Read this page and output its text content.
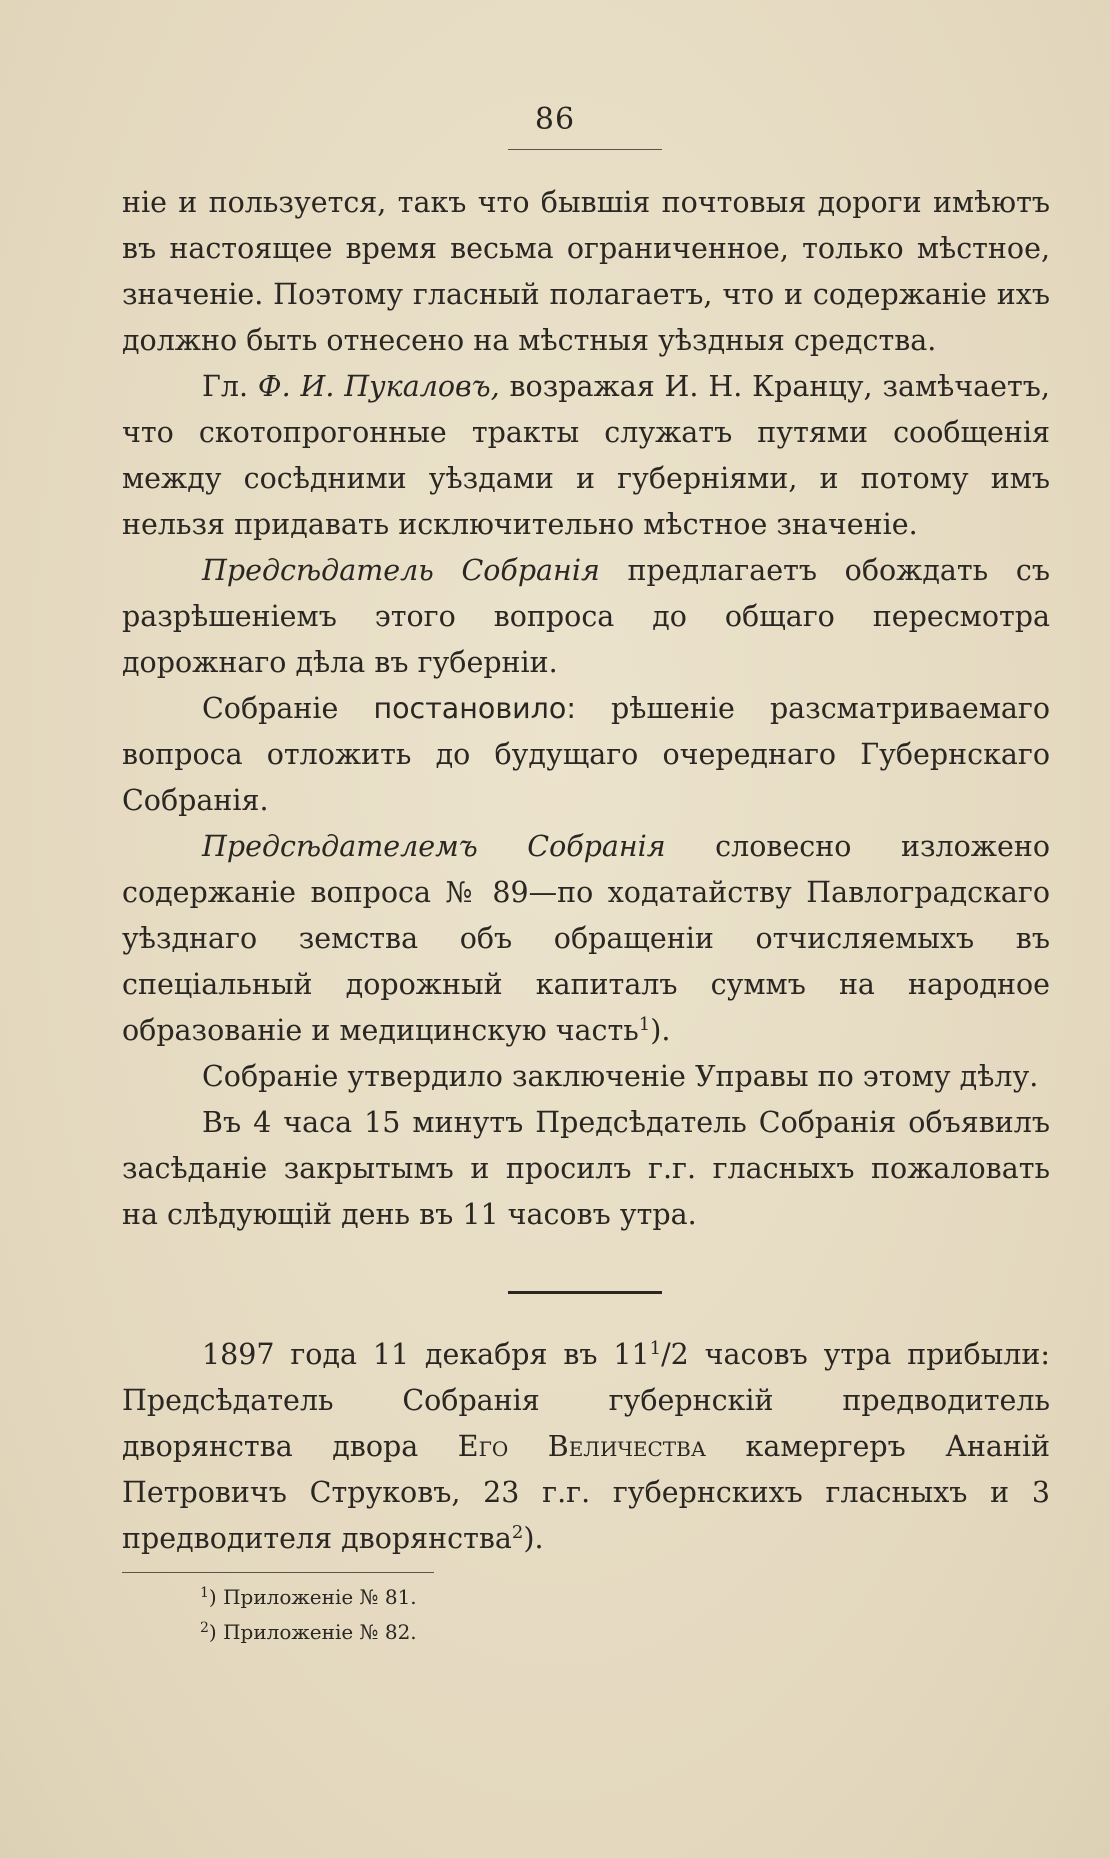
86

ніе и пользуется, такъ что бывшія почтовыя дороги имѣютъ въ настоящее время весьма ограниченное, только мѣстное, значеніе. Поэтому гласный полагаетъ, что и содержаніе ихъ должно быть отнесено на мѣстныя уѣздныя средства.

Гл. Ф. И. Пукаловъ, возражая И. Н. Кранцу, замѣчаетъ, что скотопрогонные тракты служатъ путями сообщенія между сосѣдними уѣздами и губерніями, и потому имъ нельзя придавать исключительно мѣстное значеніе.

Предсѣдатель Собранія предлагаетъ обождать съ разрѣшеніемъ этого вопроса до общаго пересмотра дорожнаго дѣла въ губерніи.

Собраніе постановило: рѣшеніе разсматриваемаго вопроса отложить до будущаго очереднаго Губернскаго Собранія.

Предсѣдателемъ Собранія словесно изложено содержаніе вопроса № 89—по ходатайству Павлоградскаго уѣзднаго земства объ обращеніи отчисляемыхъ въ спеціальный дорожный капиталъ суммъ на народное образованіе и медицинскую часть$^1$).

Собраніе утвердило заключеніе Управы по этому дѣлу.

Въ 4 часа 15 минутъ Предсѣдатель Собранія объявилъ засѣданіе закрытымъ и просилъ г.г. гласныхъ пожаловать на слѣдующій день въ 11 часовъ утра.

1897 года 11 декабря въ $11^1/2$ часовъ утра прибыли: Предсѣдатель Собранія губернскій предводитель дворянства двора Его Величества камергеръ Ананій Петровичъ Струковъ, 23 г.г. губернскихъ гласныхъ и 3 предводителя дворянства$^2$).

$^1$) Приложеніе № 81.
$^2$) Приложеніе № 82.
